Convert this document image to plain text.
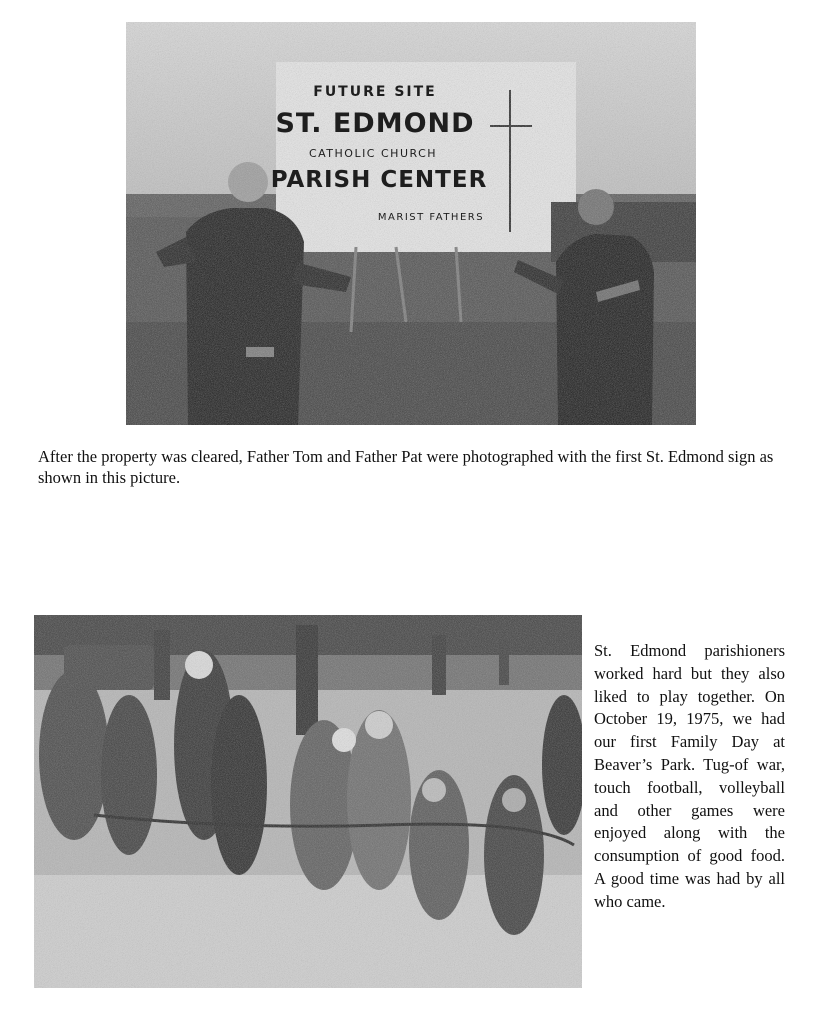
FUTURE SITE
ST. EDMOND
CATHOLIC CHURCH
PARISH CENTER
MARIST FATHERS

After the property was cleared, Father Tom and Father Pat were photographed with the first St. Edmond sign as shown in this picture.

St. Edmond parishioners worked hard but they also liked to play together. On October 19, 1975, we had our first Family Day at Beaver’s Park. Tug-of war, touch football, volleyball and other games were enjoyed along with the consumption of good food. A good time was had by all who came.
